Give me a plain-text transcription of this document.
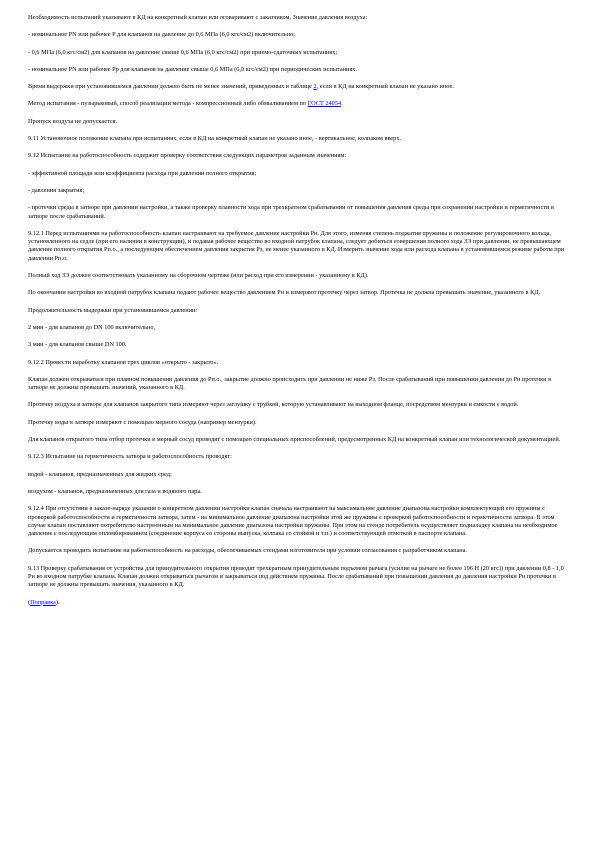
Необходимость испытаний указывают в КД на конкретный клапан или оговаривают с заказчиком. Значение давления воздуха:

- номинальное PN или рабочее P для клапанов на давление до 0,6 МПа (6,0 кгс/см2) включительно;

- 0,6 МПа (6,0 кгс/см2) для клапанов на давление свыше 0,6 МПа (6,0 кгс/см2) при приемо-сдаточных испытаниях;

- номинальное PN или рабочее Pp для клапанов на давление свыше 0,6 МПа (6,0 кгс/см2) при периодических испытаниях.

Время выдержки при установившемся давлении должно быть не менее значений, приведенных в таблице 2, если в КД на конкретный клапан не указано иное.

Метод испытания - пузырьковый, способ реализации метода - компрессионный либо обмыливанием по ГОСТ 24054.

Пропуск воздуха не допускается.

9.11 Установочное положение клапана при испытаниях, если в КД на конкретный клапан не указано иное, - вертикальное, колпаком вверх.

9.12 Испытание на работоспособность содержит проверку соответствия следующих параметров заданным значениям:

- эффективной площади или коэффициента расхода при давлении полного открытия;

- давления закрытия;

- протечки среды в затворе при давлении настройки, а также проверку плавности хода при трехкратном срабатывании от повышения давления среды при сохранении настройки и герметичности в затворе после срабатываний.

9.12.1 Перед испытаниями на работоспособность клапан настраивают на требуемое давление настройки Рн. Для этого, изменяя степень поджатия пружины и положение регулировочного кольца, установленного на седле (при его наличии в конструкции), и подавая рабочее вещество во входной патрубок клапана, следует добиться совершения полного хода ЗЭ при давлении, не превышающем давление полного открытия Рп.о., а последующим обеспечением давления закрытия Рз, не менее указанного в КД. Измерить значение хода или расхода клапана в установившемся режиме работы при давлении Рп.о.

Полный ход ЗЭ должен соответствовать указанному на сборочном чертеже (или расход при его измерении - указанному в КД).

По окончании настройки во входной патрубок клапана подают рабочее вещество давлением Рн и измеряют протечку через затвор. Протечка не должна превышать значение, указанного в КД.

Продолжительность выдержки при установившемся давлении:

2 мин - для клапанов до DN 100 включительно,

3 мин - для клапанов свыше DN 100.

9.12.2 Провести наработку клапанов трех циклов «открыто - закрыто».

Клапан должен открываться при плавном повышении давления до Рп.о., закрытие должно происходить при давлении не ниже Рз. После срабатываний при повышении давления до Рн протечки в затворе не должны превышать значений, указанного в КД.

Протечку воздуха в затворе для клапанов закрытого типа измеряют через заглушку с трубкой, которую устанавливают на выходном фланце, посредством мензурки и емкости с водой.

Протечку воды в затворе измеряют с помощью мерного сосуда (например мензурки).

Для клапанов открытого типа отбор протечки в мерный сосуд проводят с помощью специальных приспособлений, предусмотренных КД на конкретный клапан или технологической документацией.

9.12.3 Испытание на герметичность затвора и работоспособность проводят:

водой - клапанов, предназначенных для жидких сред;

воздухом - клапанов, предназначенных для газа и водяного пара.

9.12.4 При отсутствии в заказе-наряде указания о конкретном давлении настройки клапан сначала настраивают на максимальное давление диапазона настройки комплектующей его пружины с проверкой работоспособности и герметичности затвора, затем - на минимальное давление диапазона настройки этой же пружины с проверкой работоспособности и герметичности затвора. В этом случае клапан поставляют потребителю настроенным на минимальное давление диапазона настройки пружины. При этом на стенде потребитель осуществляет подналадку клапана на необходимое давление с последующим опломбированием (соединение корпуса со стороны выпуска, колпака со стойкой и т.п.) и соответствующей отметкой в паспорте клапана.

Допускается проводить испытание на работоспособность на расходы, обеспечиваемых стендами изготовителя при условии согласования с разработчиком клапана.

9.13 Проверку срабатывания от устройства для принудительного открытия проводят трехкратным принудительным подъемом рычага (усилие на рычаге не более 196 Н (20 кгс)) при давлении 0,8 - 1,0 Рн во входном патрубке клапана. Клапан должен открываться рычагом и закрываться под действием пружины. После срабатываний при повышении давления до давления настройки Рн протечки в затворе не должны превышать значения, указанного в КД.

(Поправка).
